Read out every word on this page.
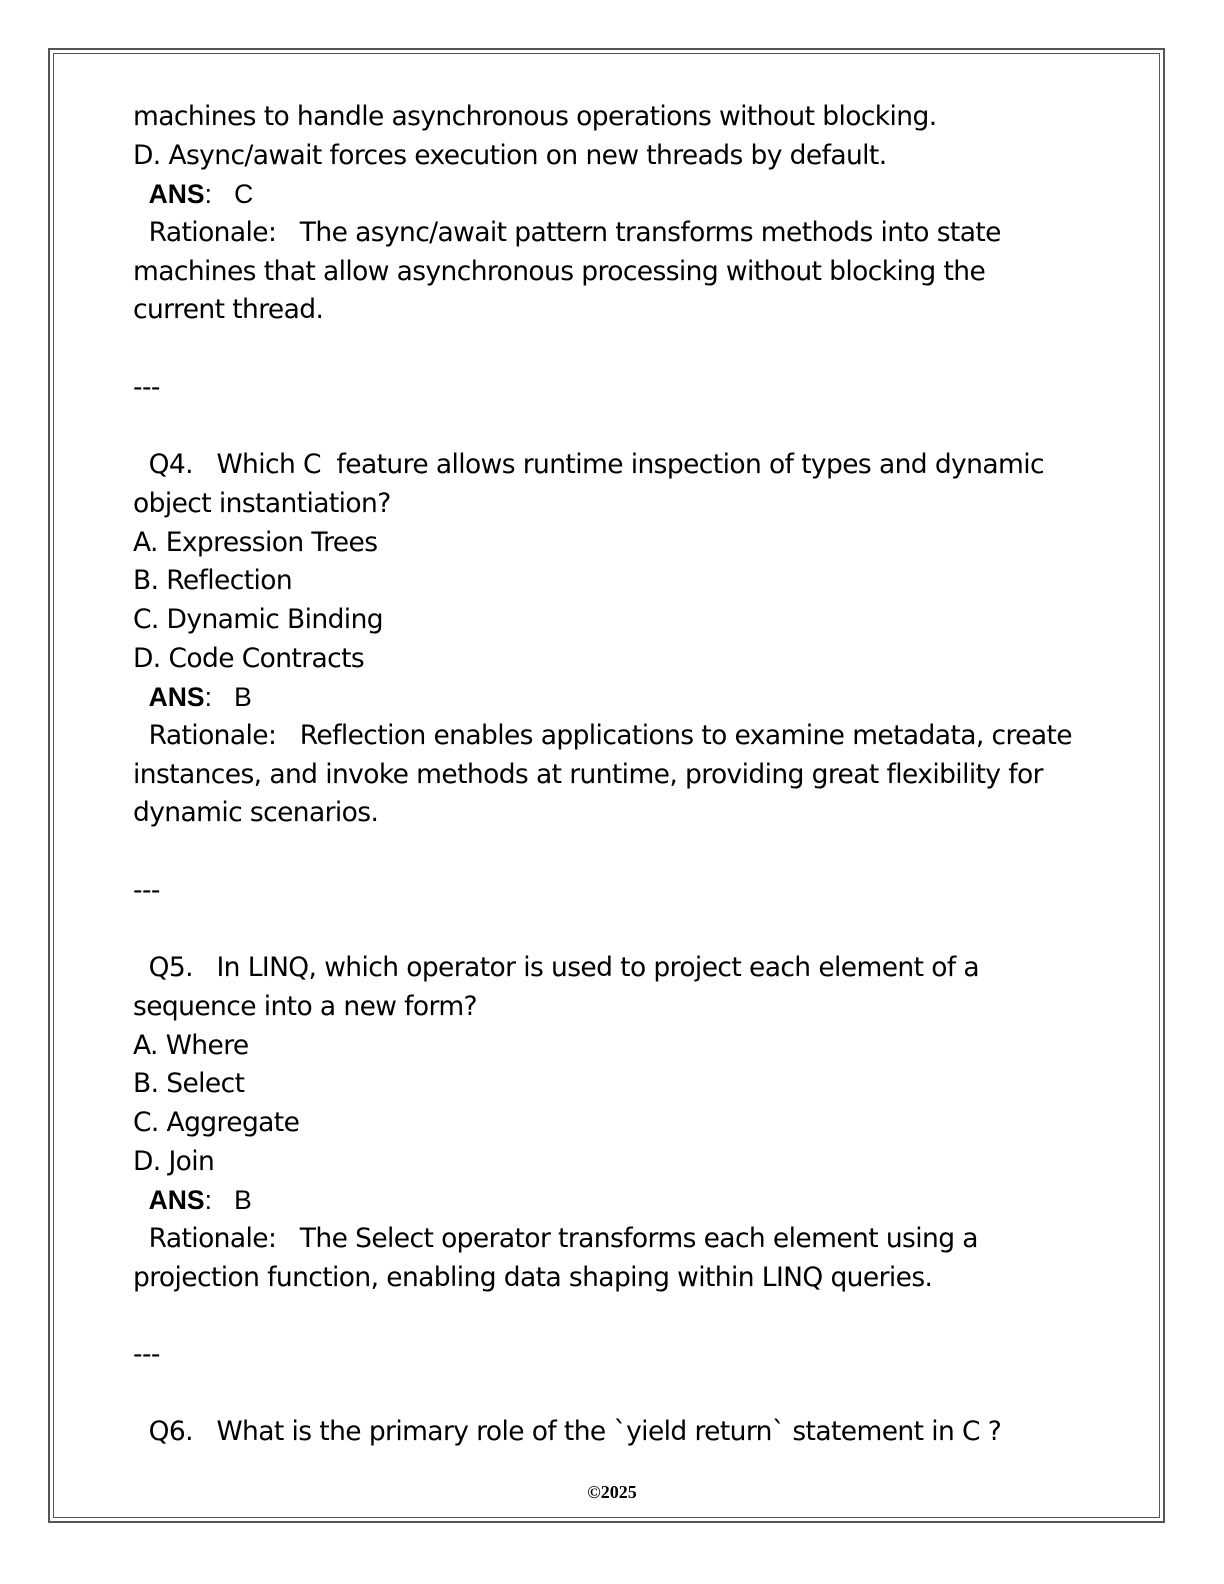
machines to handle asynchronous operations without blocking.
D. Async/await forces execution on new threads by default.
ANS:   C
Rationale:   The async/await pattern transforms methods into state
machines that allow asynchronous processing without blocking the
current thread.
---
Q4.   Which C  feature allows runtime inspection of types and dynamic
object instantiation?
A. Expression Trees
B. Reflection
C. Dynamic Binding
D. Code Contracts
ANS:   B
Rationale:   Reflection enables applications to examine metadata, create
instances, and invoke methods at runtime, providing great flexibility for
dynamic scenarios.
---
Q5.   In LINQ, which operator is used to project each element of a
sequence into a new form?
A. Where
B. Select
C. Aggregate
D. Join
ANS:   B
Rationale:   The Select operator transforms each element using a
projection function, enabling data shaping within LINQ queries.
---
Q6.   What is the primary role of the `yield return` statement in C ?
©2025
